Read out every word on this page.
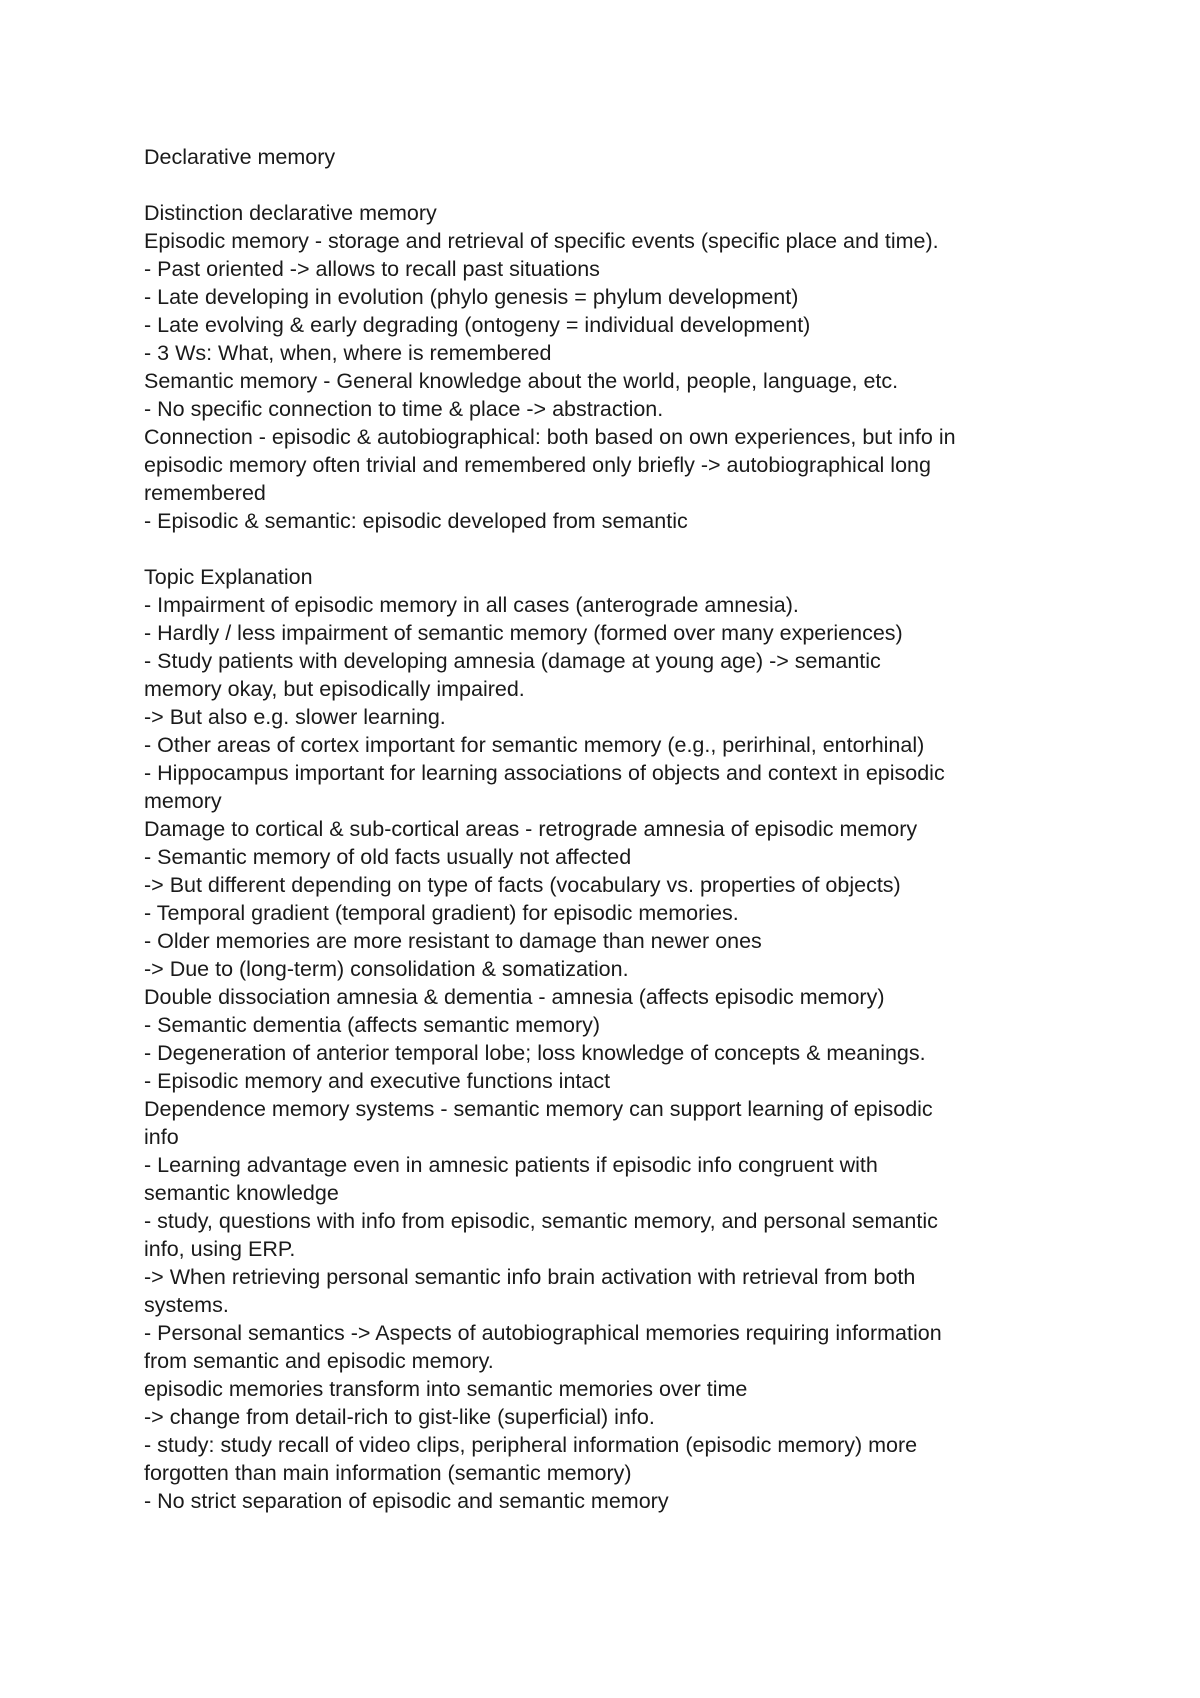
Declarative memory
Distinction declarative memory
Episodic memory - storage and retrieval of specific events (specific place and time).
- Past oriented -> allows to recall past situations
- Late developing in evolution (phylo genesis = phylum development)
- Late evolving & early degrading (ontogeny = individual development)
- 3 Ws: What, when, where is remembered
Semantic memory - General knowledge about the world, people, language, etc.
- No specific connection to time & place -> abstraction.
Connection - episodic & autobiographical: both based on own experiences, but info in
episodic memory often trivial and remembered only briefly -> autobiographical long
remembered
- Episodic & semantic: episodic developed from semantic
Topic Explanation
- Impairment of episodic memory in all cases (anterograde amnesia).
- Hardly / less impairment of semantic memory (formed over many experiences)
- Study patients with developing amnesia (damage at young age) -> semantic
memory okay, but episodically impaired.
-> But also e.g. slower learning.
- Other areas of cortex important for semantic memory (e.g., perirhinal, entorhinal)
- Hippocampus important for learning associations of objects and context in episodic
memory
Damage to cortical & sub-cortical areas - retrograde amnesia of episodic memory
- Semantic memory of old facts usually not affected
-> But different depending on type of facts (vocabulary vs. properties of objects)
- Temporal gradient (temporal gradient) for episodic memories.
- Older memories are more resistant to damage than newer ones
-> Due to (long-term) consolidation & somatization.
Double dissociation amnesia & dementia - amnesia (affects episodic memory)
- Semantic dementia (affects semantic memory)
- Degeneration of anterior temporal lobe; loss knowledge of concepts & meanings.
- Episodic memory and executive functions intact
Dependence memory systems - semantic memory can support learning of episodic
info
- Learning advantage even in amnesic patients if episodic info congruent with
semantic knowledge
- study, questions with info from episodic, semantic memory, and personal semantic
info, using ERP.
-> When retrieving personal semantic info brain activation with retrieval from both
systems.
- Personal semantics -> Aspects of autobiographical memories requiring information
from semantic and episodic memory.
episodic memories transform into semantic memories over time
-> change from detail-rich to gist-like (superficial) info.
- study: study recall of video clips, peripheral information (episodic memory) more
forgotten than main information (semantic memory)
- No strict separation of episodic and semantic memory
